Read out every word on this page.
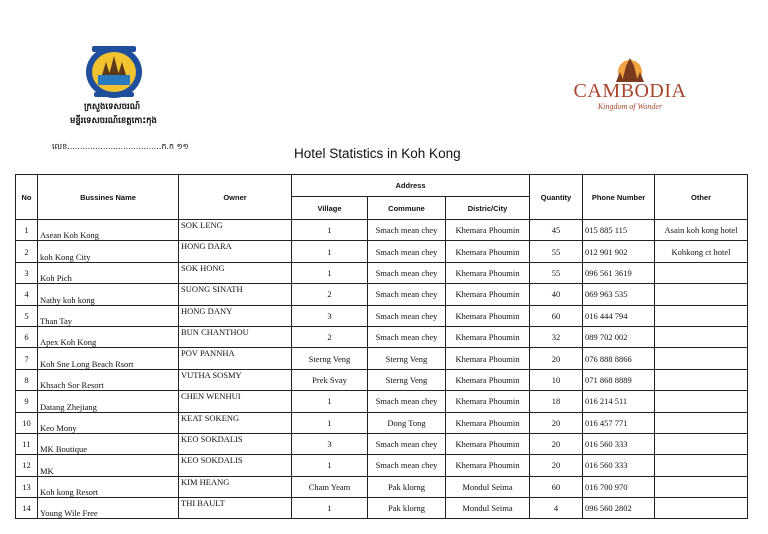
ក្រសួងទេសចរណ៍
មន្ទីរទេសចរណ៍ខេត្តកោះកុង
លេខ.....................................ក.ក ១១
CAMBODIA
Kingdom of Wonder
Hotel Statistics in Koh Kong
No	Bussines Name	Owner	Address			Quantity	Phone Number	Other
			Village	Commune	Distric/City			
1	Asean Koh Kong	SOK LENG	1	Smach mean chey	Khemara Phoumin	45	015 885 115	Asain koh kong hotel
2	koh Kong City	HONG DARA	1	Smach mean chey	Khemara Phoumin	55	012 901 902	Kohkong ct hotel
3	Koh Pich	SOK HONG	1	Smach mean chey	Khemara Phoumin	55	096 561 3619	
4	Nathy koh kong	SUONG SINATH	2	Smach mean chey	Khemara Phoumin	40	069 963 535	
5	Than Tay	HONG DANY	3	Smach mean chey	Khemara Phoumin	60	016 444 794	
6	Apex Koh Kong	BUN CHANTHOU	2	Smach mean chey	Khemara Phoumin	32	089 702 002	
7	Koh Sne Long Beach Rsort	POV PANNHA	Sterng Veng	Sterng Veng	Khemara Phoumin	20	076 888 8866	
8	Khsach Sor Resort	VUTHA SOSMY	Prek Svay	Sterng Veng	Khemara Phoumin	10	071 868 8889	
9	Datang Zhejiang	CHEN WENHUI	1	Smach mean chey	Khemara Phoumin	18	016 214 511	
10	Keo Mony	KEAT SOKENG	1	Dong Tong	Khemara Phoumin	20	016 457 771	
11	MK Boutique	KEO SOKDALIS	3	Smach mean chey	Khemara Phoumin	20	016 560 333	
12	MK	KEO SOKDALIS	1	Smach mean chey	Khemara Phoumin	20	016 560 333	
13	Koh kong Resort	KIM HEANG	Cham Yeam	Pak klorng	Mondul Seima	60	016 700 970	
14	Young Wile Free	THI BAULT	1	Pak klorng	Mondul Seima	4	096 560 2802	
